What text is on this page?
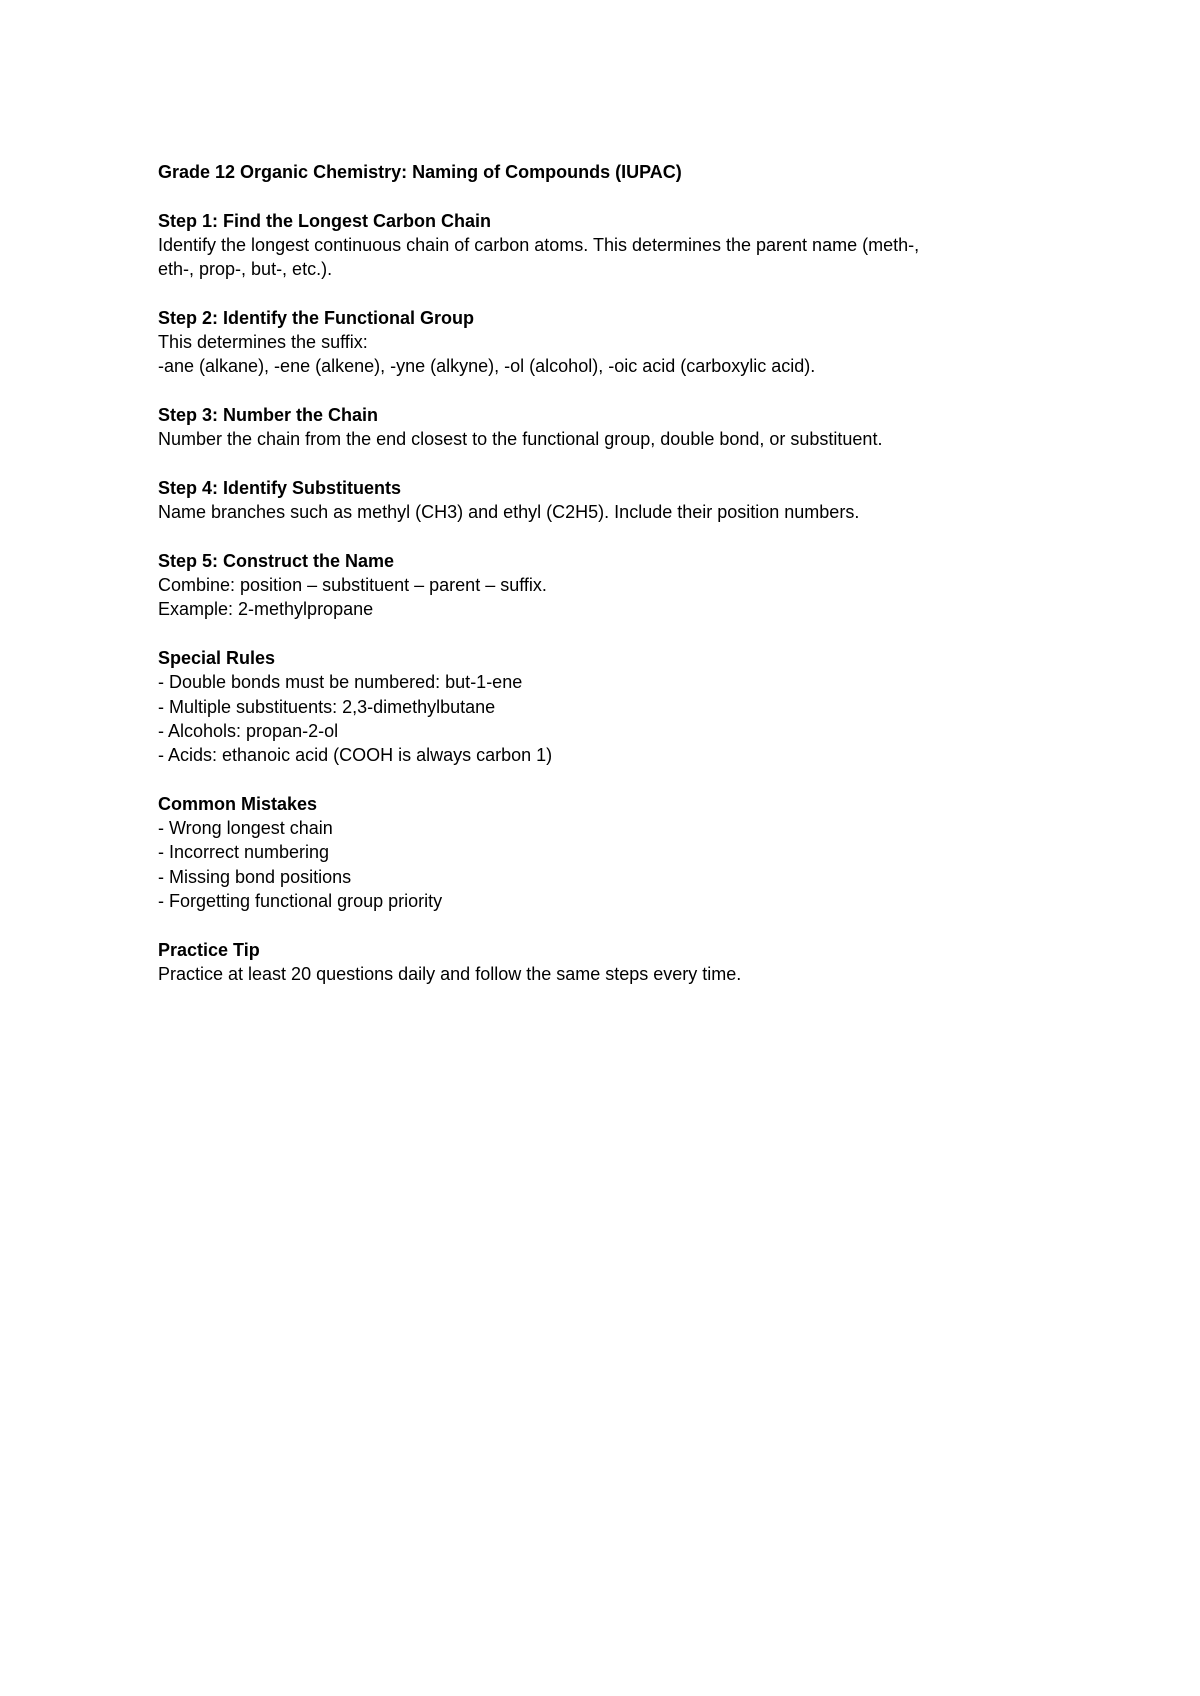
Grade 12 Organic Chemistry: Naming of Compounds (IUPAC)
Step 1: Find the Longest Carbon Chain
Identify the longest continuous chain of carbon atoms. This determines the parent name (meth-,
eth-, prop-, but-, etc.).
Step 2: Identify the Functional Group
This determines the suffix:
-ane (alkane), -ene (alkene), -yne (alkyne), -ol (alcohol), -oic acid (carboxylic acid).
Step 3: Number the Chain
Number the chain from the end closest to the functional group, double bond, or substituent.
Step 4: Identify Substituents
Name branches such as methyl (CH3) and ethyl (C2H5). Include their position numbers.
Step 5: Construct the Name
Combine: position – substituent – parent – suffix.
Example: 2-methylpropane
Special Rules
- Double bonds must be numbered: but-1-ene
- Multiple substituents: 2,3-dimethylbutane
- Alcohols: propan-2-ol
- Acids: ethanoic acid (COOH is always carbon 1)
Common Mistakes
- Wrong longest chain
- Incorrect numbering
- Missing bond positions
- Forgetting functional group priority
Practice Tip
Practice at least 20 questions daily and follow the same steps every time.
